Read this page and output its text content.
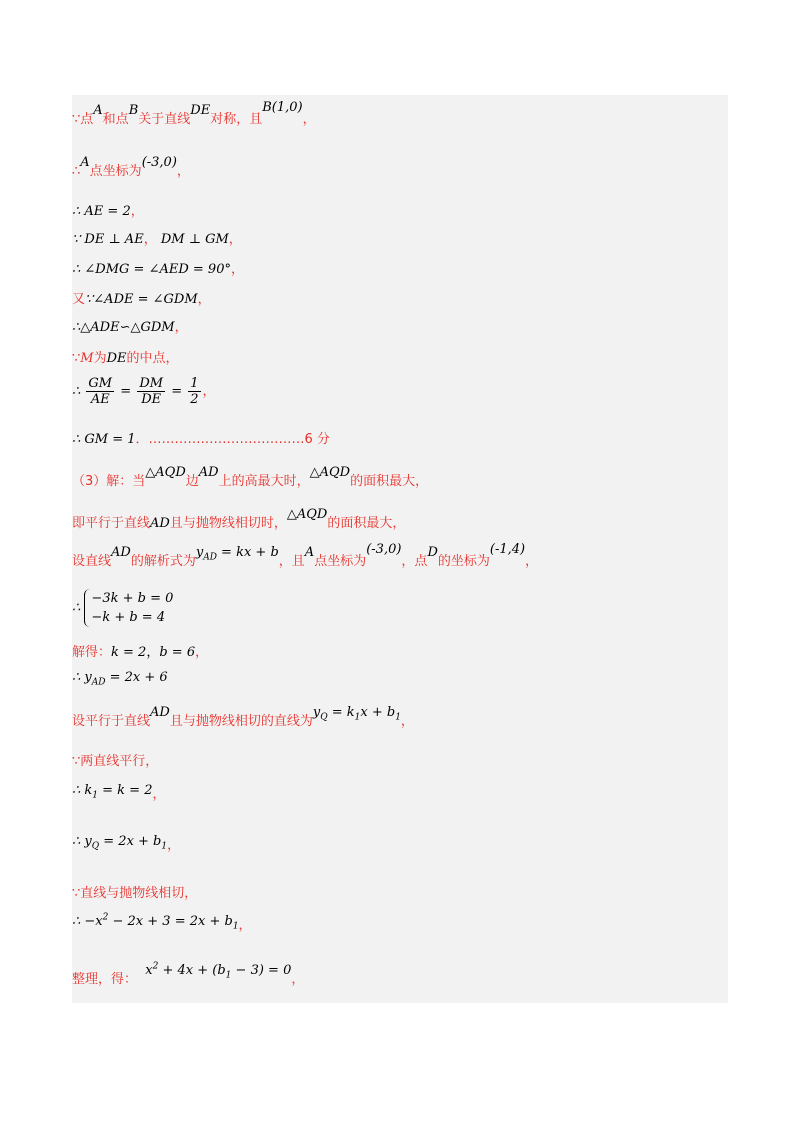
∵点A和点B关于直线DE对称，且B(1,0)，
∴A点坐标为(-3,0)，
∴ AE = 2，
∵ DE ⊥ AE， DM ⊥ GM，
∴ ∠DMG = ∠AED = 90°，
又∵∠ADE = ∠GDM，
∴△ADE∽△GDM，
∵M为DE的中点，
∴ $\frac{GM}{AE} = \frac{DM}{DE} = \frac{1}{2}$ ，
∴ GM = 1．………………………………6 分
（3）解：当△AQD边AD上的高最大时，△AQD的面积最大，
即平行于直线AD且与抛物线相切时，△AQD的面积最大，
设直线AD的解析式为$y_{AD}$ = kx + b，且A点坐标为(-3,0)，点D的坐标为(-1,4)，
∴
−3k + b = 0
−k + b = 4
解得：k = 2，b = 6，
∴ $y_{AD} = 2x + 6$
设平行于直线AD且与抛物线相切的直线为$y_Q = k_1x + b_1$，
∵两直线平行，
∴ $k_1 = k = 2$，
∴ $y_Q = 2x + b_1$，
∵直线与抛物线相切，
∴ $-x^2 - 2x + 3 = 2x + b_1$，
整理，得：  $x^2 + 4x + (b_1 - 3) = 0$，
